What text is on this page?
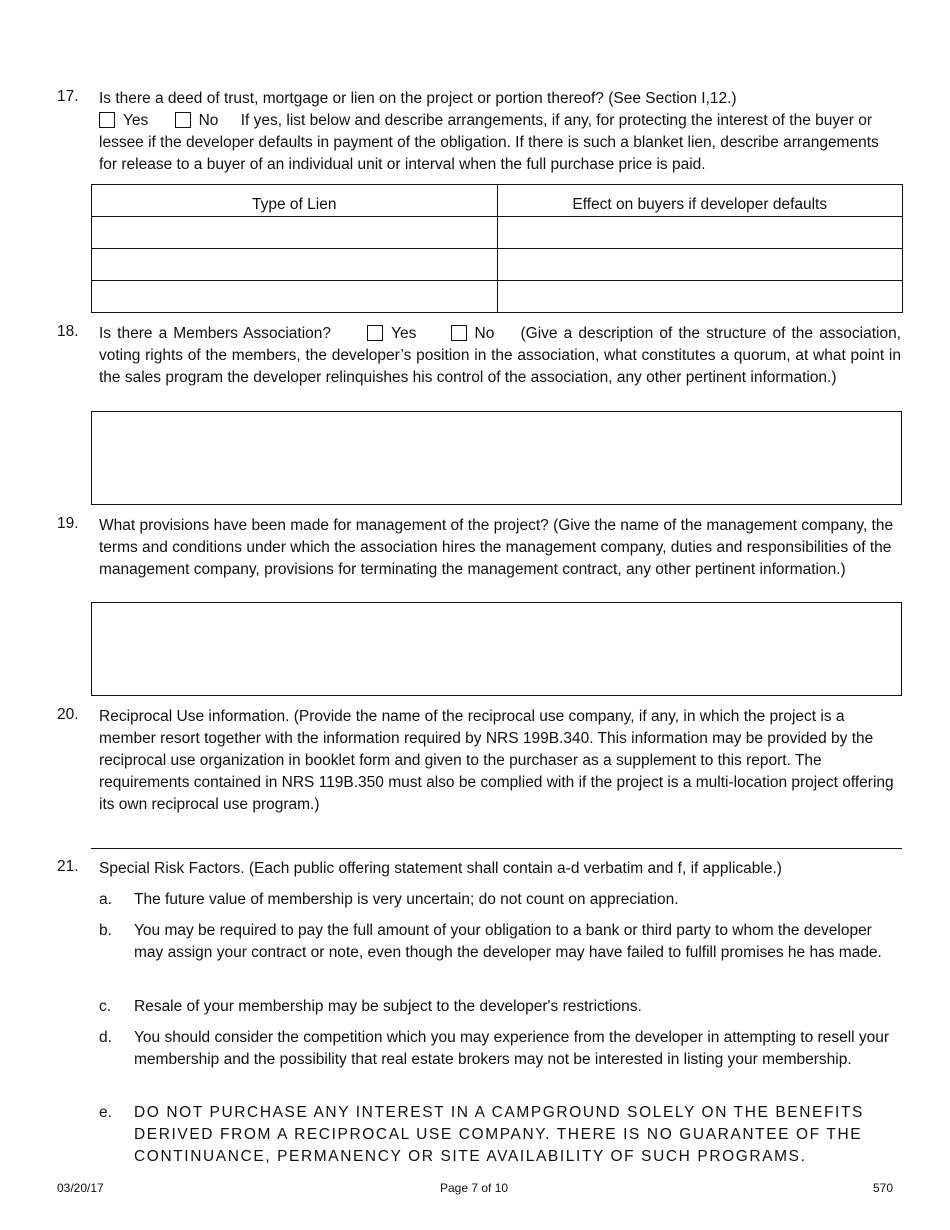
17.	Is there a deed of trust, mortgage or lien on the project or portion thereof? (See Section I,12.)
Yes	No If yes, list below and describe arrangements, if any, for protecting the interest of the buyer or lessee if the developer defaults in payment of the obligation. If there is such a blanket lien, describe arrangements for release to a buyer of an individual unit or interval when the full purchase price is paid.
Type of Lien	Effect on buyers if developer defaults

18.	Is there a Members Association?	Yes	No (Give a description of the structure of the association, voting rights of the members, the developer’s position in the association, what constitutes a quorum, at what point in the sales program the developer relinquishes his control of the association, any other pertinent information.)
19.	What provisions have been made for management of the project? (Give the name of the management company, the terms and conditions under which the association hires the management company, duties and responsibilities of the management company, provisions for terminating the management contract, any other pertinent information.)
20.	Reciprocal Use information. (Provide the name of the reciprocal use company, if any, in which the project is a member resort together with the information required by NRS 199B.340. This information may be provided by the reciprocal use organization in booklet form and given to the purchaser as a supplement to this report. The requirements contained in NRS 119B.350 must also be complied with if the project is a multi-location project offering its own reciprocal use program.)
21.	Special Risk Factors. (Each public offering statement shall contain a-d verbatim and f, if applicable.)
a. The future value of membership is very uncertain; do not count on appreciation.
b. You may be required to pay the full amount of your obligation to a bank or third party to whom the developer may assign your contract or note, even though the developer may have failed to fulfill promises he has made.
c. Resale of your membership may be subject to the developer's restrictions.
d. You should consider the competition which you may experience from the developer in attempting to resell your membership and the possibility that real estate brokers may not be interested in listing your membership.
e. DO NOT PURCHASE ANY INTEREST IN A CAMPGROUND SOLELY ON THE BENEFITS DERIVED FROM A RECIPROCAL USE COMPANY. THERE IS NO GUARANTEE OF THE CONTINUANCE, PERMANENCY OR SITE AVAILABILITY OF SUCH PROGRAMS.
03/20/17	Page 7 of 10	570
